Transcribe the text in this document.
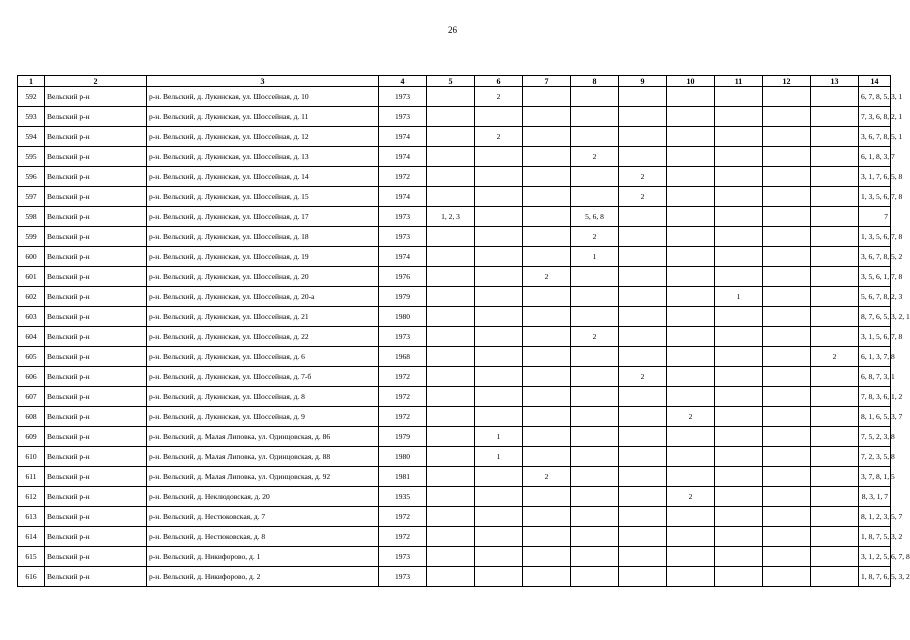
26
1	2	3	4	5	6	7	8	9	10	11	12	13	14
592	Вельский р-н	р-н. Вельский, д. Лукинская, ул. Шоссейная, д. 10	1973		2								6, 7, 8, 5, 3, 1
593	Вельский р-н	р-н. Вельский, д. Лукинская, ул. Шоссейная, д. 11	1973										7, 3, 6, 8, 2, 1
594	Вельский р-н	р-н. Вельский, д. Лукинская, ул. Шоссейная, д. 12	1974		2								3, 6, 7, 8, 5, 1
595	Вельский р-н	р-н. Вельский, д. Лукинская, ул. Шоссейная, д. 13	1974				2						6, 1, 8, 3, 7
596	Вельский р-н	р-н. Вельский, д. Лукинская, ул. Шоссейная, д. 14	1972					2					3, 1, 7, 6, 5, 8
597	Вельский р-н	р-н. Вельский, д. Лукинская, ул. Шоссейная, д. 15	1974					2					1, 3, 5, 6, 7, 8
598	Вельский р-н	р-н. Вельский, д. Лукинская, ул. Шоссейная, д. 17	1973	1, 2, 3			5, 6, 8						7
599	Вельский р-н	р-н. Вельский, д. Лукинская, ул. Шоссейная, д. 18	1973				2						1, 3, 5, 6, 7, 8
600	Вельский р-н	р-н. Вельский, д. Лукинская, ул. Шоссейная, д. 19	1974				1						3, 6, 7, 8, 5, 2
601	Вельский р-н	р-н. Вельский, д. Лукинская, ул. Шоссейная, д. 20	1976			2							3, 5, 6, 1, 7, 8
602	Вельский р-н	р-н. Вельский, д. Лукинская, ул. Шоссейная, д. 20-а	1979							1			5, 6, 7, 8, 2, 3
603	Вельский р-н	р-н. Вельский, д. Лукинская, ул. Шоссейная, д. 21	1980										8, 7, 6, 5, 3, 2, 1
604	Вельский р-н	р-н. Вельский, д. Лукинская, ул. Шоссейная, д. 22	1973				2						3, 1, 5, 6, 7, 8
605	Вельский р-н	р-н. Вельский, д. Лукинская, ул. Шоссейная, д. 6	1968									2	6, 1, 3, 7, 8
606	Вельский р-н	р-н. Вельский, д. Лукинская, ул. Шоссейная, д. 7-б	1972					2					6, 8, 7, 3, 1
607	Вельский р-н	р-н. Вельский, д. Лукинская, ул. Шоссейная, д. 8	1972										7, 8, 3, 6, 1, 2
608	Вельский р-н	р-н. Вельский, д. Лукинская, ул. Шоссейная, д. 9	1972						2				8, 1, 6, 5, 3, 7
609	Вельский р-н	р-н. Вельский, д. Малая Липовка, ул. Одинцовская, д. 86	1979		1								7, 5, 2, 3, 8
610	Вельский р-н	р-н. Вельский, д. Малая Липовка, ул. Одинцовская, д. 88	1980		1								7, 2, 3, 5, 8
611	Вельский р-н	р-н. Вельский, д. Малая Липовка, ул. Одинцовская, д. 92	1981			2							3, 7, 8, 1, 5
612	Вельский р-н	р-н. Вельский, д. Неклюдовская, д. 20	1935						2				8, 3, 1, 7
613	Вельский р-н	р-н. Вельский, д. Нестюковская, д. 7	1972										8, 1, 2, 3, 5, 7
614	Вельский р-н	р-н. Вельский, д. Нестюковская, д. 8	1972										1, 8, 7, 5, 3, 2
615	Вельский р-н	р-н. Вельский, д. Никифорово, д. 1	1973										3, 1, 2, 5, 6, 7, 8
616	Вельский р-н	р-н. Вельский, д. Никифорово, д. 2	1973										1, 8, 7, 6, 5, 3, 2
